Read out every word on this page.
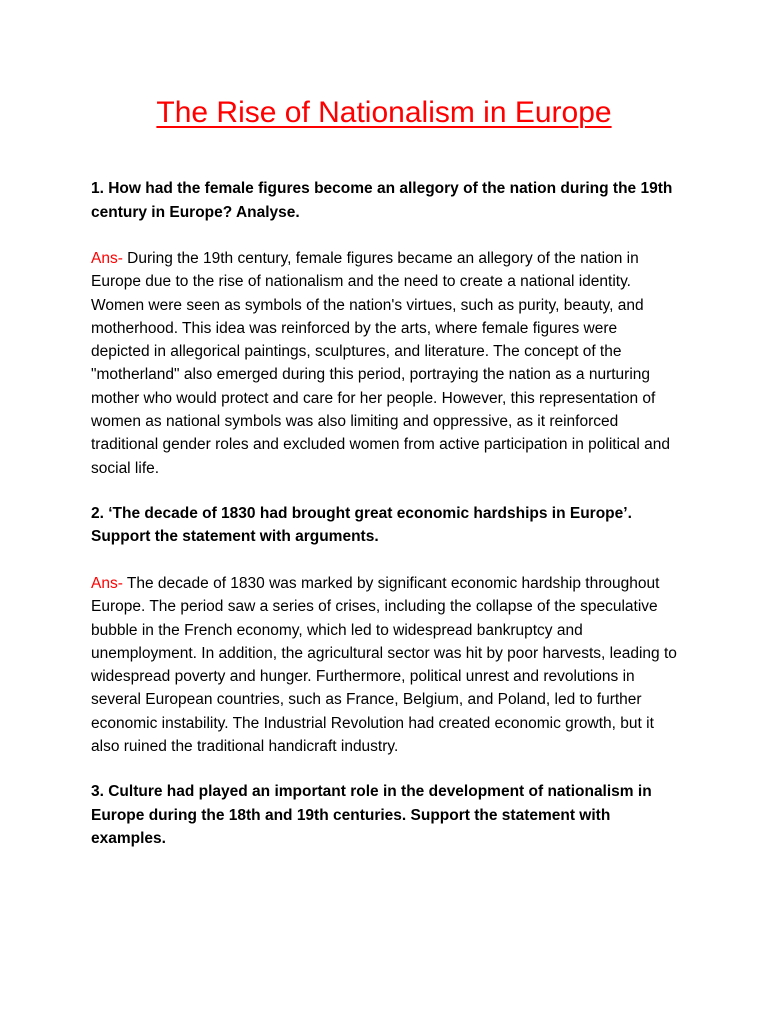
The Rise of Nationalism in Europe

1. How had the female figures become an allegory of the nation during the 19th century in Europe? Analyse.

Ans- During the 19th century, female figures became an allegory of the nation in Europe due to the rise of nationalism and the need to create a national identity. Women were seen as symbols of the nation's virtues, such as purity, beauty, and motherhood. This idea was reinforced by the arts, where female figures were depicted in allegorical paintings, sculptures, and literature. The concept of the "motherland" also emerged during this period, portraying the nation as a nurturing mother who would protect and care for her people. However, this representation of women as national symbols was also limiting and oppressive, as it reinforced traditional gender roles and excluded women from active participation in political and social life.

2. ‘The decade of 1830 had brought great economic hardships in Europe’. Support the statement with arguments.

Ans- The decade of 1830 was marked by significant economic hardship throughout Europe. The period saw a series of crises, including the collapse of the speculative bubble in the French economy, which led to widespread bankruptcy and unemployment. In addition, the agricultural sector was hit by poor harvests, leading to widespread poverty and hunger. Furthermore, political unrest and revolutions in several European countries, such as France, Belgium, and Poland, led to further economic instability. The Industrial Revolution had created economic growth, but it also ruined the traditional handicraft industry.

3. Culture had played an important role in the development of nationalism in Europe during the 18th and 19th centuries. Support the statement with examples.
